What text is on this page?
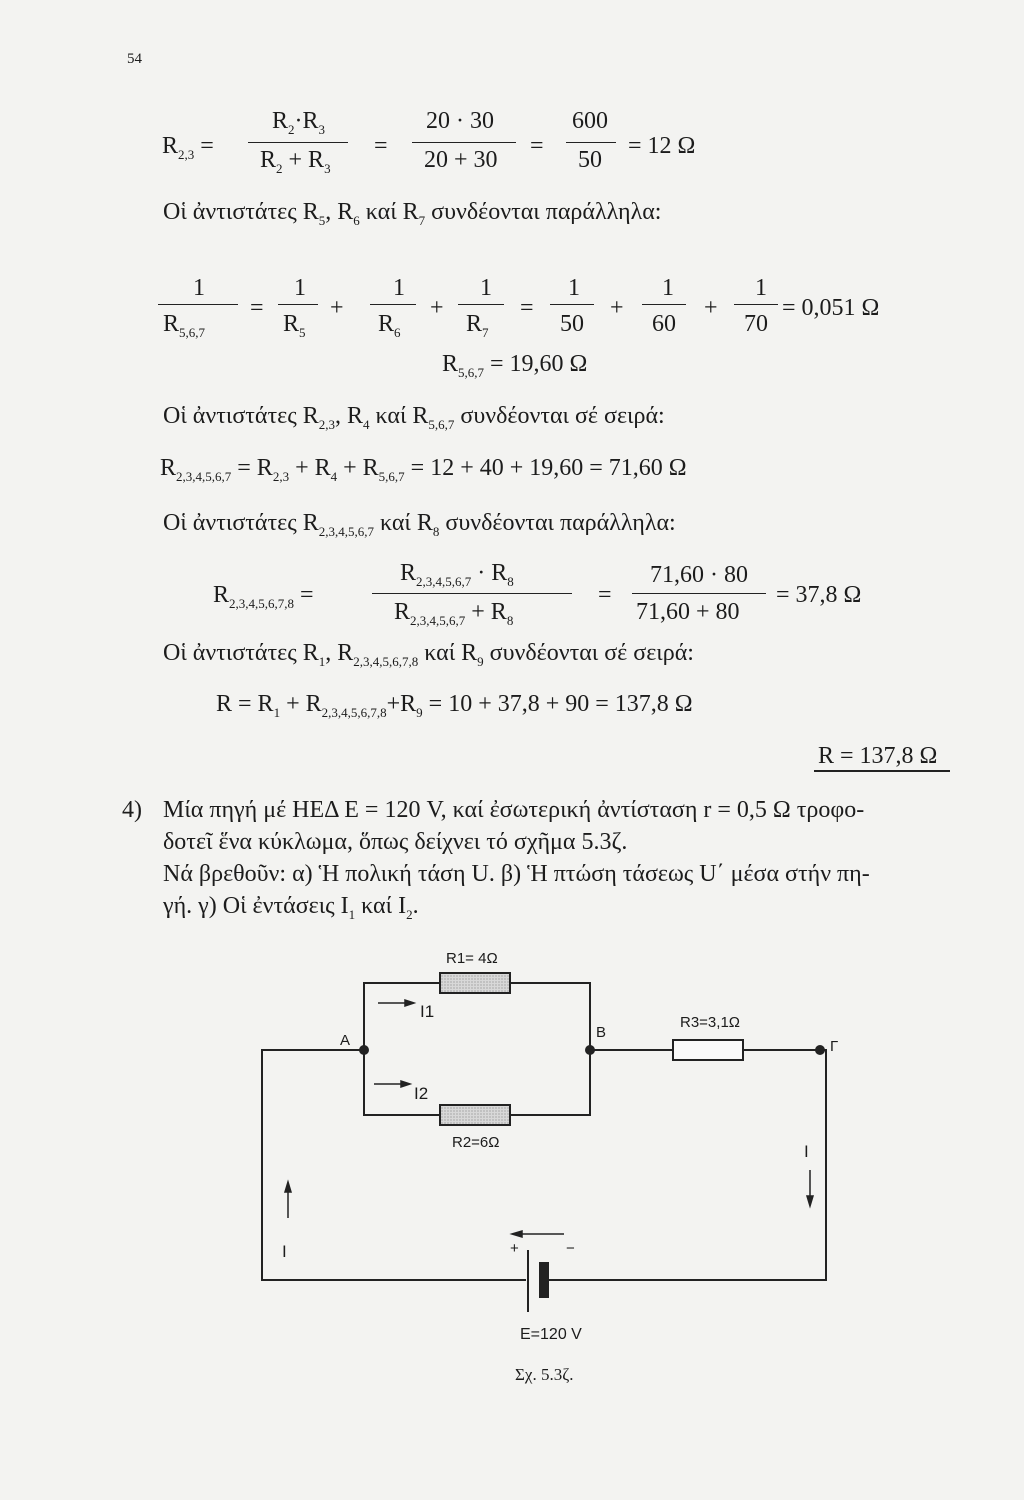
54
$R_{2,3}$ =
$R_2\cdot R_3$
$R_2 + R_3$
=
20 · 30
20 + 30
=
600
50
= 12 Ω
Οἱ ἀντιστάτες $R_5$, $R_6$ καί $R_7$ συνδέονται παράλληλα:
1
$R_{5,6,7}$
=
1
$R_5$
+
1
$R_6$
+
1
$R_7$
=
1
50
+
1
60
+
1
70
= 0,051 Ω
$R_{5,6,7} = 19,60$ Ω
Οἱ ἀντιστάτες $R_{2,3}$, $R_4$ καί $R_{5,6,7}$ συνδέονται σέ σειρά:
$R_{2,3,4,5,6,7} = R_{2,3} + R_4 + R_{5,6,7} = 12 + 40 + 19,60 = 71,60$ Ω
Οἱ ἀντιστάτες $R_{2,3,4,5,6,7}$ καί $R_8$ συνδέονται παράλληλα:
$R_{2,3,4,5,6,7,8}$ =
$R_{2,3,4,5,6,7} \cdot R_8$
$R_{2,3,4,5,6,7} + R_8$
=
71,60 · 80
71,60 + 80
= 37,8 Ω
Οἱ ἀντιστάτες $R_1$, $R_{2,3,4,5,6,7,8}$ καί $R_9$ συνδέονται σέ σειρά:
$R = R_1 + R_{2,3,4,5,6,7,8}+R_9 = 10 + 37,8 + 90 = 137,8$ Ω
R = 137,8 Ω
4) Μία πηγή μέ ΗΕΔ Ε = 120 V, καί ἐσωτερική ἀντίσταση r = 0,5 Ω τροφο-
δοτεῖ ἕνα κύκλωμα, ὅπως δείχνει τό σχῆμα 5.3ζ.
Νά βρεθοῦν: α) Ἡ πολική τάση U. β) Ἡ πτώση τάσεως U΄ μέσα στήν πη-
γή. γ) Οἱ ἐντάσεις $I_1$ καί $I_2$.
R1= 4Ω
R2=6Ω
R3=3,1Ω
I1
I2
A	B
Γ
I
I	+	−
E=120 V
Σχ. 5.3ζ.
